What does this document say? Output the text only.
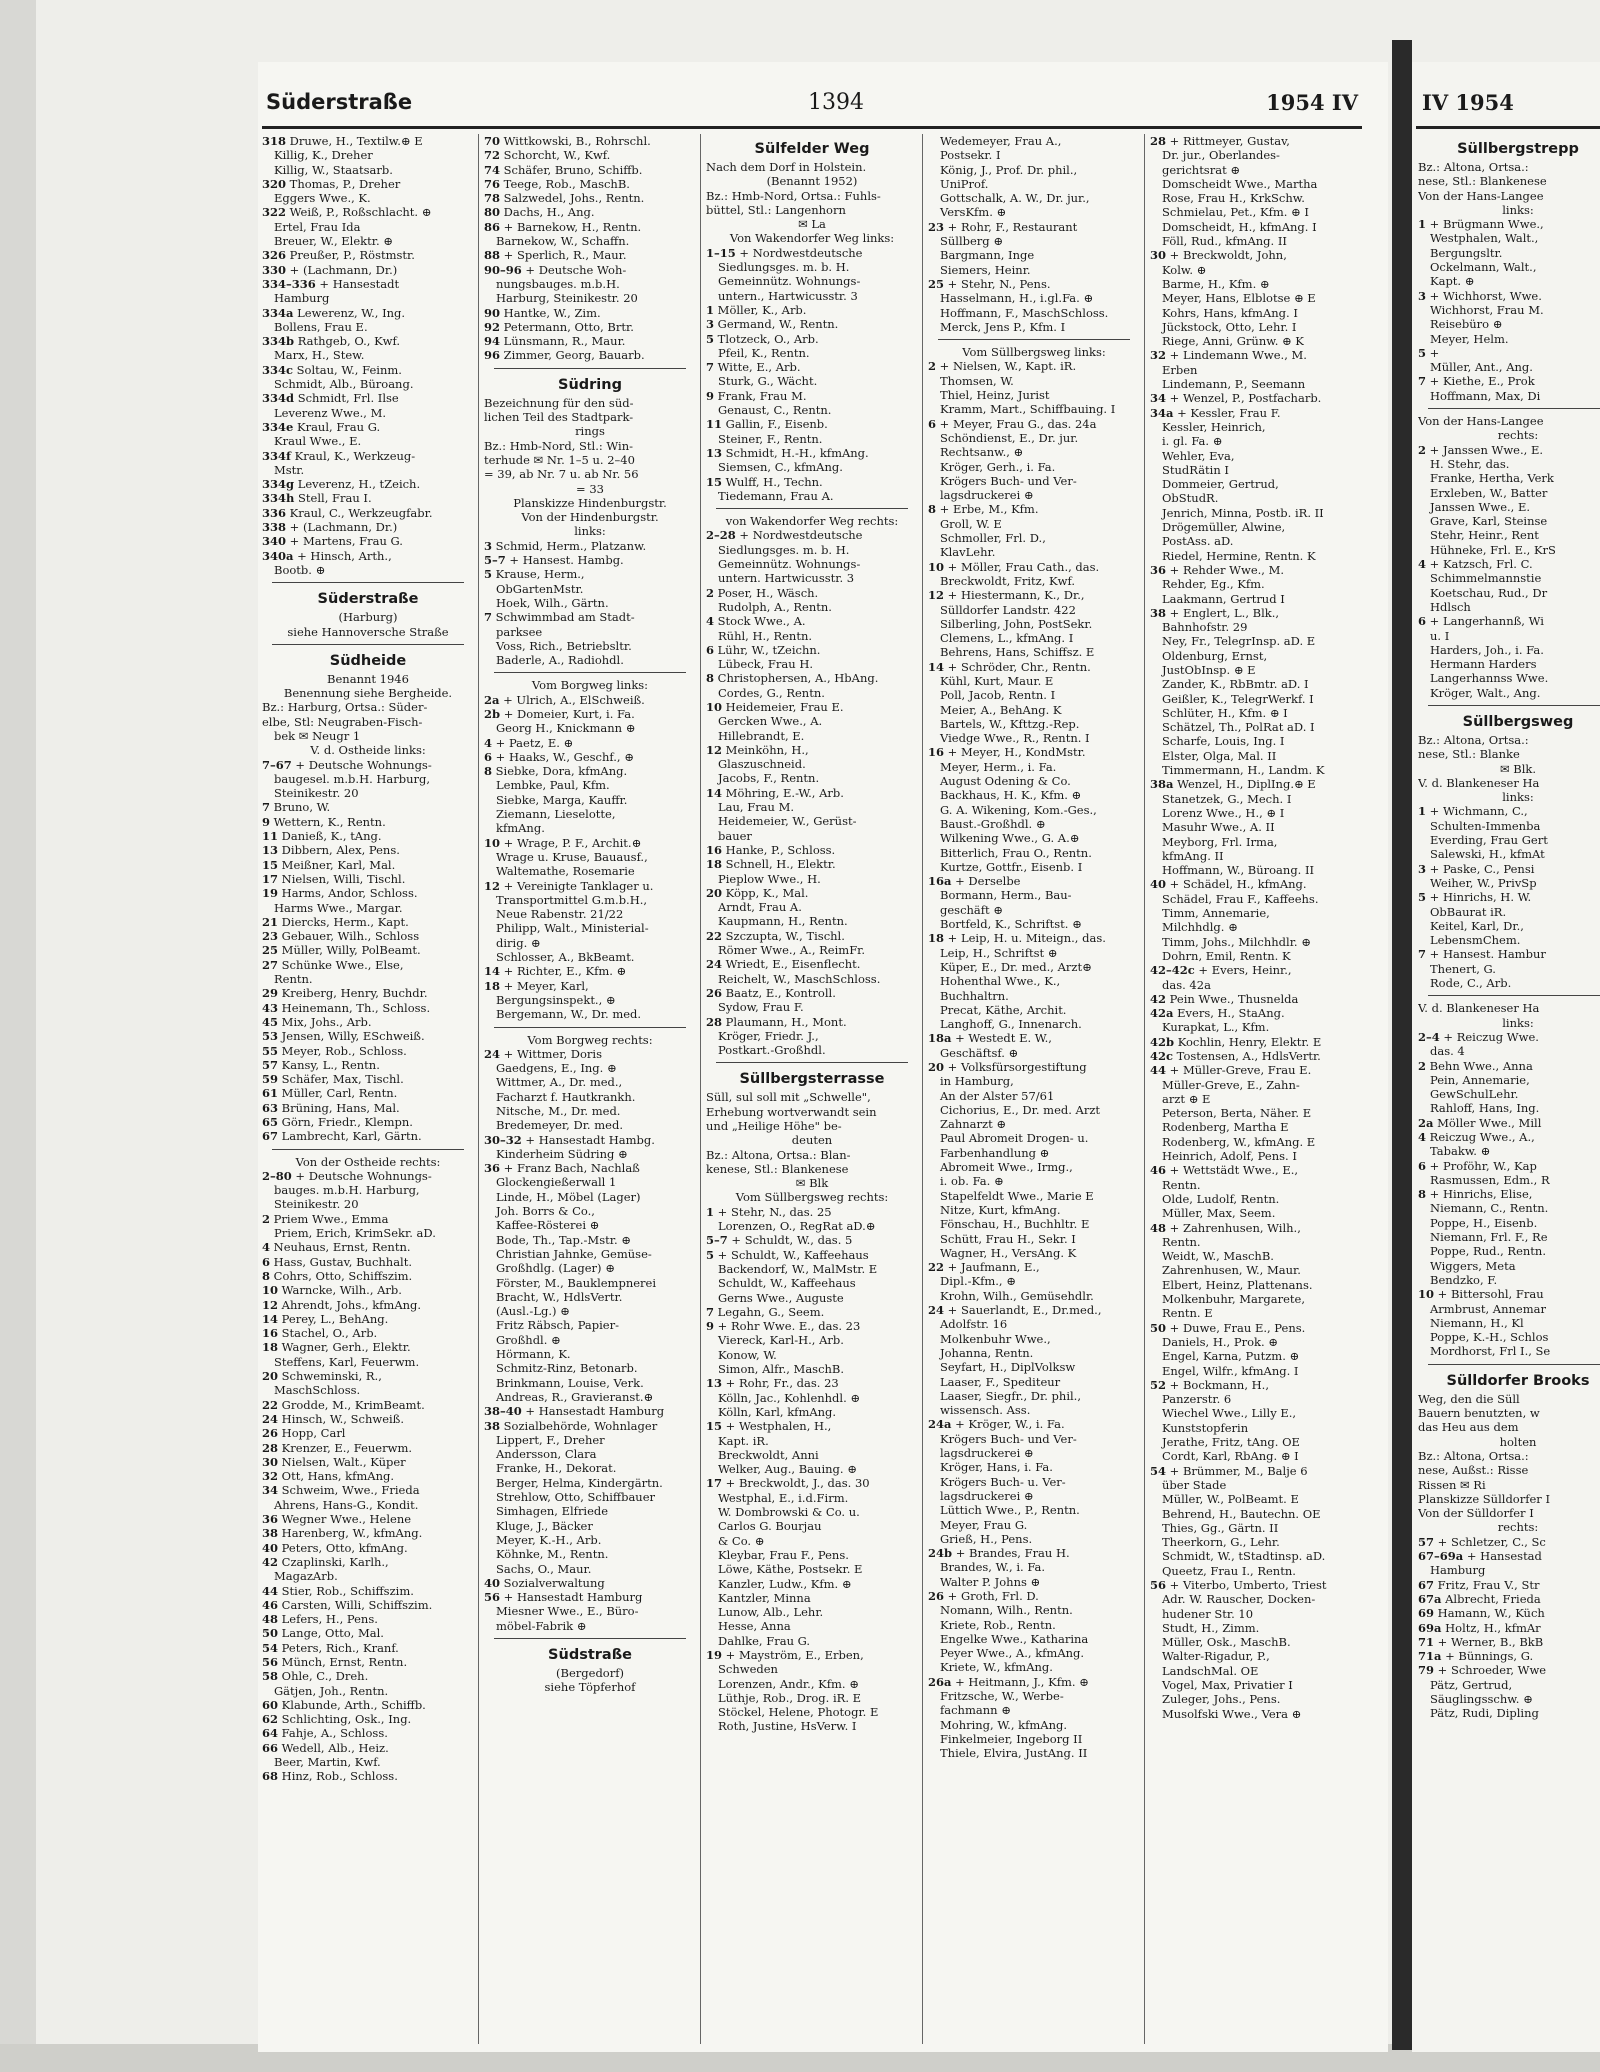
Süderstraße	1394	1954 IV
318 Druwe, H., Textilw.⊕ E
Killig, K., Dreher
Killig, W., Staatsarb.
320 Thomas, P., Dreher
Eggers Wwe., K.
322 Weiß, P., Roßschlacht. ⊕
Ertel, Frau Ida
Breuer, W., Elektr. ⊕
326 Preußer, P., Röstmstr.
330 + (Lachmann, Dr.)
334–336 + Hansestadt
Hamburg
334a Lewerenz, W., Ing.
Bollens, Frau E.
334b Rathgeb, O., Kwf.
Marx, H., Stew.
334c Soltau, W., Feinm.
Schmidt, Alb., Büroang.
334d Schmidt, Frl. Ilse
Leverenz Wwe., M.
334e Kraul, Frau G.
Kraul Wwe., E.
334f Kraul, K., Werkzeug-
Mstr.
334g Leverenz, H., tZeich.
334h Stell, Frau I.
336 Kraul, C., Werkzeugfabr.
338 + (Lachmann, Dr.)
340 + Martens, Frau G.
340a + Hinsch, Arth.,
Bootb. ⊕
Süderstraße
(Harburg)
siehe Hannoversche Straße
Südheide
Benannt 1946
Benennung siehe Bergheide.
Bz.: Harburg, Ortsa.: Süder-
elbe, Stl: Neugraben-Fisch-
bek ✉ Neugr 1
V. d. Ostheide links:
7–67 + Deutsche Wohnungs-
baugesel. m.b.H. Harburg,
Steinikestr. 20
7 Bruno, W.
9 Wettern, K., Rentn.
11 Danieß, K., tAng.
13 Dibbern, Alex, Pens.
15 Meißner, Karl, Mal.
17 Nielsen, Willi, Tischl.
19 Harms, Andor, Schloss.
Harms Wwe., Margar.
21 Diercks, Herm., Kapt.
23 Gebauer, Wilh., Schloss
25 Müller, Willy, PolBeamt.
27 Schünke Wwe., Else,
Rentn.
29 Kreiberg, Henry, Buchdr.
43 Heinemann, Th., Schloss.
45 Mix, Johs., Arb.
53 Jensen, Willy, ESchweiß.
55 Meyer, Rob., Schloss.
57 Kansy, L., Rentn.
59 Schäfer, Max, Tischl.
61 Müller, Carl, Rentn.
63 Brüning, Hans, Mal.
65 Görn, Friedr., Klempn.
67 Lambrecht, Karl, Gärtn.
Von der Ostheide rechts:
2–80 + Deutsche Wohnungs-
bauges. m.b.H. Harburg,
Steinikestr. 20
2 Priem Wwe., Emma
Priem, Erich, KrimSekr. aD.
4 Neuhaus, Ernst, Rentn.
6 Hass, Gustav, Buchhalt.
8 Cohrs, Otto, Schiffszim.
10 Warncke, Wilh., Arb.
12 Ahrendt, Johs., kfmAng.
14 Perey, L., BehAng.
16 Stachel, O., Arb.
18 Wagner, Gerh., Elektr.
Steffens, Karl, Feuerwm.
20 Schweminski, R.,
MaschSchloss.
22 Grodde, M., KrimBeamt.
24 Hinsch, W., Schweiß.
26 Hopp, Carl
28 Krenzer, E., Feuerwm.
30 Nielsen, Walt., Küper
32 Ott, Hans, kfmAng.
34 Schweim, Wwe., Frieda
Ahrens, Hans-G., Kondit.
36 Wegner Wwe., Helene
38 Harenberg, W., kfmAng.
40 Peters, Otto, kfmAng.
42 Czaplinski, Karlh.,
MagazArb.
44 Stier, Rob., Schiffszim.
46 Carsten, Willi, Schiffszim.
48 Lefers, H., Pens.
50 Lange, Otto, Mal.
54 Peters, Rich., Kranf.
56 Münch, Ernst, Rentn.
58 Ohle, C., Dreh.
Gätjen, Joh., Rentn.
60 Klabunde, Arth., Schiffb.
62 Schlichting, Osk., Ing.
64 Fahje, A., Schloss.
66 Wedell, Alb., Heiz.
Beer, Martin, Kwf.
68 Hinz, Rob., Schloss.
70 Wittkowski, B., Rohrschl.
72 Schorcht, W., Kwf.
74 Schäfer, Bruno, Schiffb.
76 Teege, Rob., MaschB.
78 Salzwedel, Johs., Rentn.
80 Dachs, H., Ang.
86 + Barnekow, H., Rentn.
Barnekow, W., Schaffn.
88 + Sperlich, R., Maur.
90–96 + Deutsche Woh-
nungsbauges. m.b.H.
Harburg, Steinikestr. 20
90 Hantke, W., Zim.
92 Petermann, Otto, Brtr.
94 Lünsmann, R., Maur.
96 Zimmer, Georg, Bauarb.
Südring
Bezeichnung für den süd-
lichen Teil des Stadtpark-
rings
Bz.: Hmb-Nord, Stl.: Win-
terhude ✉ Nr. 1–5 u. 2–40
= 39, ab Nr. 7 u. ab Nr. 56
= 33
Planskizze Hindenburgstr.
Von der Hindenburgstr.
links:
3 Schmid, Herm., Platzanw.
5–7 + Hansest. Hambg.
5 Krause, Herm.,
ObGartenMstr.
Hoek, Wilh., Gärtn.
7 Schwimmbad am Stadt-
parksee
Voss, Rich., Betriebsltr.
Baderle, A., Radiohdl.
Vom Borgweg links:
2a + Ulrich, A., ElSchweiß.
2b + Domeier, Kurt, i. Fa.
Georg H., Knickmann ⊕
4 + Paetz, E. ⊕
6 + Haaks, W., Geschf., ⊕
8 Siebke, Dora, kfmAng.
Lembke, Paul, Kfm.
Siebke, Marga, Kauffr.
Ziemann, Lieselotte,
kfmAng.
10 + Wrage, P. F., Archit.⊕
Wrage u. Kruse, Bauausf.,
Waltemathe, Rosemarie
12 + Vereinigte Tanklager u.
Transportmittel G.m.b.H.,
Neue Rabenstr. 21/22
Philipp, Walt., Ministerial-
dirig. ⊕
Schlosser, A., BkBeamt.
14 + Richter, E., Kfm. ⊕
18 + Meyer, Karl,
Bergungsinspekt., ⊕
Bergemann, W., Dr. med.
Vom Borgweg rechts:
24 + Wittmer, Doris
Gaedgens, E., Ing. ⊕
Wittmer, A., Dr. med.,
Facharzt f. Hautkrankh.
Nitsche, M., Dr. med.
Bredemeyer, Dr. med.
30–32 + Hansestadt Hambg.
Kinderheim Südring ⊕
36 + Franz Bach, Nachlaß
Glockengießerwall 1
Linde, H., Möbel (Lager)
Joh. Borrs & Co.,
Kaffee-Rösterei ⊕
Bode, Th., Tap.-Mstr. ⊕
Christian Jahnke, Gemüse-
Großhdlg. (Lager) ⊕
Förster, M., Bauklempnerei
Bracht, W., HdlsVertr.
(Ausl.-Lg.) ⊕
Fritz Räbsch, Papier-
Großhdl. ⊕
Hörmann, K.
Schmitz-Rinz, Betonarb.
Brinkmann, Louise, Verk.
Andreas, R., Gravieranst.⊕
38–40 + Hansestadt Hamburg
38 Sozialbehörde, Wohnlager
Lippert, F., Dreher
Andersson, Clara
Franke, H., Dekorat.
Berger, Helma, Kindergärtn.
Strehlow, Otto, Schiffbauer
Simhagen, Elfriede
Kluge, J., Bäcker
Meyer, K.-H., Arb.
Köhnke, M., Rentn.
Sachs, O., Maur.
40 Sozialverwaltung
56 + Hansestadt Hamburg
Miesner Wwe., E., Büro-
möbel-Fabrik ⊕
Südstraße
(Bergedorf)
siehe Töpferhof
Sülfelder Weg
Nach dem Dorf in Holstein.
(Benannt 1952)
Bz.: Hmb-Nord, Ortsa.: Fuhls-
büttel, Stl.: Langenhorn
✉ La
Von Wakendorfer Weg links:
1–15 + Nordwestdeutsche
Siedlungsges. m. b. H.
Gemeinnütz. Wohnungs-
untern., Hartwicusstr. 3
1 Möller, K., Arb.
3 Germand, W., Rentn.
5 Tlotzeck, O., Arb.
Pfeil, K., Rentn.
7 Witte, E., Arb.
Sturk, G., Wächt.
9 Frank, Frau M.
Genaust, C., Rentn.
11 Gallin, F., Eisenb.
Steiner, F., Rentn.
13 Schmidt, H.-H., kfmAng.
Siemsen, C., kfmAng.
15 Wulff, H., Techn.
Tiedemann, Frau A.
von Wakendorfer Weg rechts:
2–28 + Nordwestdeutsche
Siedlungsges. m. b. H.
Gemeinnütz. Wohnungs-
untern. Hartwicusstr. 3
2 Poser, H., Wäsch.
Rudolph, A., Rentn.
4 Stock Wwe., A.
Rühl, H., Rentn.
6 Lühr, W., tZeichn.
Lübeck, Frau H.
8 Christophersen, A., HbAng.
Cordes, G., Rentn.
10 Heidemeier, Frau E.
Gercken Wwe., A.
Hillebrandt, E.
12 Meinköhn, H.,
Glaszuschneid.
Jacobs, F., Rentn.
14 Möhring, E.-W., Arb.
Lau, Frau M.
Heidemeier, W., Gerüst-
bauer
16 Hanke, P., Schloss.
18 Schnell, H., Elektr.
Pieplow Wwe., H.
20 Köpp, K., Mal.
Arndt, Frau A.
Kaupmann, H., Rentn.
22 Szczupta, W., Tischl.
Römer Wwe., A., ReimFr.
24 Wriedt, E., Eisenflecht.
Reichelt, W., MaschSchloss.
26 Baatz, E., Kontroll.
Sydow, Frau F.
28 Plaumann, H., Mont.
Kröger, Friedr. J.,
Postkart.-Großhdl.
Süllbergsterrasse
Süll, sul soll mit „Schwelle",
Erhebung wortverwandt sein
und „Heilige Höhe" be-
deuten
Bz.: Altona, Ortsa.: Blan-
kenese, Stl.: Blankenese
✉ Blk
Vom Süllbergsweg rechts:
1 + Stehr, N., das. 25
Lorenzen, O., RegRat aD.⊕
5–7 + Schuldt, W., das. 5
5 + Schuldt, W., Kaffeehaus
Backendorf, W., MalMstr. E
Schuldt, W., Kaffeehaus
Gerns Wwe., Auguste
7 Legahn, G., Seem.
9 + Rohr Wwe. E., das. 23
Viereck, Karl-H., Arb.
Konow, W.
Simon, Alfr., MaschB.
13 + Rohr, Fr., das. 23
Kölln, Jac., Kohlenhdl. ⊕
Kölln, Karl, kfmAng.
15 + Westphalen, H.,
Kapt. iR.
Breckwoldt, Anni
Welker, Aug., Bauing. ⊕
17 + Breckwoldt, J., das. 30
Westphal, E., i.d.Firm.
W. Dombrowski & Co. u.
Carlos G. Bourjau
& Co. ⊕
Kleybar, Frau F., Pens.
Löwe, Käthe, Postsekr. E
Kanzler, Ludw., Kfm. ⊕
Kantzler, Minna
Lunow, Alb., Lehr.
Hesse, Anna
Dahlke, Frau G.
19 + Mayström, E., Erben,
Schweden
Lorenzen, Andr., Kfm. ⊕
Lüthje, Rob., Drog. iR. E
Stöckel, Helene, Photogr. E
Roth, Justine, HsVerw. I
Wedemeyer, Frau A.,
Postsekr. I
König, J., Prof. Dr. phil.,
UniProf.
Gottschalk, A. W., Dr. jur.,
VersKfm. ⊕
23 + Rohr, F., Restaurant
Süllberg ⊕
Bargmann, Inge
Siemers, Heinr.
25 + Stehr, N., Pens.
Hasselmann, H., i.gl.Fa. ⊕
Hoffmann, F., MaschSchloss.
Merck, Jens P., Kfm. I
Vom Süllbergsweg links:
2 + Nielsen, W., Kapt. iR.
Thomsen, W.
Thiel, Heinz, Jurist
Kramm, Mart., Schiffbauing. I
6 + Meyer, Frau G., das. 24a
Schöndienst, E., Dr. jur.
Rechtsanw., ⊕
Kröger, Gerh., i. Fa.
Krögers Buch- und Ver-
lagsdruckerei ⊕
8 + Erbe, M., Kfm.
Groll, W. E
Schmoller, Frl. D.,
KlavLehr.
10 + Möller, Frau Cath., das.
Breckwoldt, Fritz, Kwf.
12 + Hiestermann, K., Dr.,
Sülldorfer Landstr. 422
Silberling, John, PostSekr.
Clemens, L., kfmAng. I
Behrens, Hans, Schiffsz. E
14 + Schröder, Chr., Rentn.
Kühl, Kurt, Maur. E
Poll, Jacob, Rentn. I
Meier, A., BehAng. K
Bartels, W., Kfttzg.-Rep.
Viedge Wwe., R., Rentn. I
16 + Meyer, H., KondMstr.
Meyer, Herm., i. Fa.
August Odening & Co.
Backhaus, H. K., Kfm. ⊕
G. A. Wikening, Kom.-Ges.,
Baust.-Großhdl. ⊕
Wilkening Wwe., G. A.⊕
Bitterlich, Frau O., Rentn.
Kurtze, Gottfr., Eisenb. I
16a + Derselbe
Bormann, Herm., Bau-
geschäft ⊕
Bortfeld, K., Schriftst. ⊕
18 + Leip, H. u. Miteign., das.
Leip, H., Schriftst ⊕
Küper, E., Dr. med., Arzt⊕
Hohenthal Wwe., K.,
Buchhaltrn.
Precat, Käthe, Archit.
Langhoff, G., Innenarch.
18a + Westedt E. W.,
Geschäftsf. ⊕
20 + Volksfürsorgestiftung
in Hamburg,
An der Alster 57/61
Cichorius, E., Dr. med. Arzt
Zahnarzt ⊕
Paul Abromeit Drogen- u.
Farbenhandlung ⊕
Abromeit Wwe., Irmg.,
i. ob. Fa. ⊕
Stapelfeldt Wwe., Marie E
Nitze, Kurt, kfmAng.
Fönschau, H., Buchhltr. E
Schütt, Frau H., Sekr. I
Wagner, H., VersAng. K
22 + Jaufmann, E.,
Dipl.-Kfm., ⊕
Krohn, Wilh., Gemüsehdlr.
24 + Sauerlandt, E., Dr.med.,
Adolfstr. 16
Molkenbuhr Wwe.,
Johanna, Rentn.
Seyfart, H., DiplVolksw
Laaser, F., Spediteur
Laaser, Siegfr., Dr. phil.,
wissensch. Ass.
24a + Kröger, W., i. Fa.
Krögers Buch- und Ver-
lagsdruckerei ⊕
Kröger, Hans, i. Fa.
Krögers Buch- u. Ver-
lagsdruckerei ⊕
Lüttich Wwe., P., Rentn.
Meyer, Frau G.
Grieß, H., Pens.
24b + Brandes, Frau H.
Brandes, W., i. Fa.
Walter P. Johns ⊕
26 + Groth, Frl. D.
Nomann, Wilh., Rentn.
Kriete, Rob., Rentn.
Engelke Wwe., Katharina
Peyer Wwe., A., kfmAng.
Kriete, W., kfmAng.
26a + Heitmann, J., Kfm. ⊕
Fritzsche, W., Werbe-
fachmann ⊕
Mohring, W., kfmAng.
Finkelmeier, Ingeborg II
Thiele, Elvira, JustAng. II
28 + Rittmeyer, Gustav,
Dr. jur., Oberlandes-
gerichtsrat ⊕
Domscheidt Wwe., Martha
Rose, Frau H., KrkSchw.
Schmielau, Pet., Kfm. ⊕ I
Domscheidt, H., kfmAng. I
Föll, Rud., kfmAng. II
30 + Breckwoldt, John,
Kolw. ⊕
Barme, H., Kfm. ⊕
Meyer, Hans, Elblotse ⊕ E
Kohrs, Hans, kfmAng. I
Jückstock, Otto, Lehr. I
Riege, Anni, Grünw. ⊕ K
32 + Lindemann Wwe., M.
Erben
Lindemann, P., Seemann
34 + Wenzel, P., Postfacharb.
34a + Kessler, Frau F.
Kessler, Heinrich,
i. gl. Fa. ⊕
Wehler, Eva,
StudRätin I
Dommeier, Gertrud,
ObStudR.
Jenrich, Minna, Postb. iR. II
Drögemüller, Alwine,
PostAss. aD.
Riedel, Hermine, Rentn. K
36 + Rehder Wwe., M.
Rehder, Eg., Kfm.
Laakmann, Gertrud I
38 + Englert, L., Blk.,
Bahnhofstr. 29
Ney, Fr., TelegrInsp. aD. E
Oldenburg, Ernst,
JustObInsp. ⊕ E
Zander, K., RbBmtr. aD. I
Geißler, K., TelegrWerkf. I
Schlüter, H., Kfm. ⊕ I
Schätzel, Th., PolRat aD. I
Scharfe, Louis, Ing. I
Elster, Olga, Mal. II
Timmermann, H., Landm. K
38a Wenzel, H., DiplIng.⊕ E
Stanetzek, G., Mech. I
Lorenz Wwe., H., ⊕ I
Masuhr Wwe., A. II
Meyborg, Frl. Irma,
kfmAng. II
Hoffmann, W., Büroang. II
40 + Schädel, H., kfmAng.
Schädel, Frau F., Kaffeehs.
Timm, Annemarie,
Milchhdlg. ⊕
Timm, Johs., Milchhdlr. ⊕
Dohrn, Emil, Rentn. K
42–42c + Evers, Heinr.,
das. 42a
42 Pein Wwe., Thusnelda
42a Evers, H., StaAng.
Kurapkat, L., Kfm.
42b Kochlin, Henry, Elektr. E
42c Tostensen, A., HdlsVertr.
44 + Müller-Greve, Frau E.
Müller-Greve, E., Zahn-
arzt ⊕ E
Peterson, Berta, Näher. E
Rodenberg, Martha E
Rodenberg, W., kfmAng. E
Heinrich, Adolf, Pens. I
46 + Wettstädt Wwe., E.,
Rentn.
Olde, Ludolf, Rentn.
Müller, Max, Seem.
48 + Zahrenhusen, Wilh.,
Rentn.
Weidt, W., MaschB.
Zahrenhusen, W., Maur.
Elbert, Heinz, Plattenans.
Molkenbuhr, Margarete,
Rentn. E
50 + Duwe, Frau E., Pens.
Daniels, H., Prok. ⊕
Engel, Karna, Putzm. ⊕
Engel, Wilfr., kfmAng. I
52 + Bockmann, H.,
Panzerstr. 6
Wiechel Wwe., Lilly E.,
Kunststopferin
Jerathe, Fritz, tAng. OE
Cordt, Karl, RbAng. ⊕ I
54 + Brümmer, M., Balje 6
über Stade
Müller, W., PolBeamt. E
Behrend, H., Bautechn. OE
Thies, Gg., Gärtn. II
Theerkorn, G., Lehr.
Schmidt, W., tStadtinsp. aD.
Queetz, Frau I., Rentn.
56 + Viterbo, Umberto, Triest
Adr. W. Rauscher, Docken-
hudener Str. 10
Studt, H., Zimm.
Müller, Osk., MaschB.
Walter-Rigadur, P.,
LandschMal. OE
Vogel, Max, Privatier I
Zuleger, Johs., Pens.
Musolfski Wwe., Vera ⊕
IV 1954
Süllbergstrepp
Bz.: Altona, Ortsa.:
nese, Stl.: Blankenese
Von der Hans-Langee
links:
1 + Brügmann Wwe.,
Westphalen, Walt.,
Bergungsltr.
Ockelmann, Walt.,
Kapt. ⊕
3 + Wichhorst, Wwe.
Wichhorst, Frau M.
Reisebüro ⊕
Meyer, Helm.
5 +
Müller, Ant., Ang.
7 + Kiethe, E., Prok
Hoffmann, Max, Di
Von der Hans-Langee
rechts:
2 + Janssen Wwe., E.
H. Stehr, das.
Franke, Hertha, Verk
Erxleben, W., Batter
Janssen Wwe., E.
Grave, Karl, Steinse
Stehr, Heinr., Rent
Hühneke, Frl. E., KrS
4 + Katzsch, Frl. C.
Schimmelmannstie
Koetschau, Rud., Dr
Hdlsch
6 + Langerhannß, Wi
u. I
Harders, Joh., i. Fa.
Hermann Harders
Langerhannss Wwe.
Kröger, Walt., Ang.
Süllbergsweg
Bz.: Altona, Ortsa.:
nese, Stl.: Blanke
✉ Blk.
V. d. Blankeneser Ha
links:
1 + Wichmann, C.,
Schulten-Immenba
Everding, Frau Gert
Salewski, H., kfmAt
3 + Paske, C., Pensi
Weiher, W., PrivSp
5 + Hinrichs, H. W.
ObBaurat iR.
Keitel, Karl, Dr.,
LebensmChem.
7 + Hansest. Hambur
Thenert, G.
Rode, C., Arb.
V. d. Blankeneser Ha
links:
2–4 + Reiczug Wwe.
das. 4
2 Behn Wwe., Anna
Pein, Annemarie,
GewSchulLehr.
Rahloff, Hans, Ing.
2a Möller Wwe., Mill
4 Reiczug Wwe., A.,
Tabakw. ⊕
6 + Proföhr, W., Kap
Rasmussen, Edm., R
8 + Hinrichs, Elise,
Niemann, C., Rentn.
Poppe, H., Eisenb.
Niemann, Frl. F., Re
Poppe, Rud., Rentn.
Wiggers, Meta
Bendzko, F.
10 + Bittersohl, Frau
Armbrust, Annemar
Niemann, H., Kl
Poppe, K.-H., Schlos
Mordhorst, Frl I., Se
Sülldorfer Brooks
Weg, den die Süll
Bauern benutzten, w
das Heu aus dem
holten
Bz.: Altona, Ortsa.:
nese, Außst.: Risse
Rissen ✉ Ri
Planskizze Sülldorfer I
Von der Sülldorfer I
rechts:
57 + Schletzer, C., Sc
67–69a + Hansestad
Hamburg
67 Fritz, Frau V., Str
67a Albrecht, Frieda
69 Hamann, W., Küch
69a Holtz, H., kfmAr
71 + Werner, B., BkB
71a + Bünnings, G.
79 + Schroeder, Wwe
Pätz, Gertrud,
Säuglingsschw. ⊕
Pätz, Rudi, Dipling
